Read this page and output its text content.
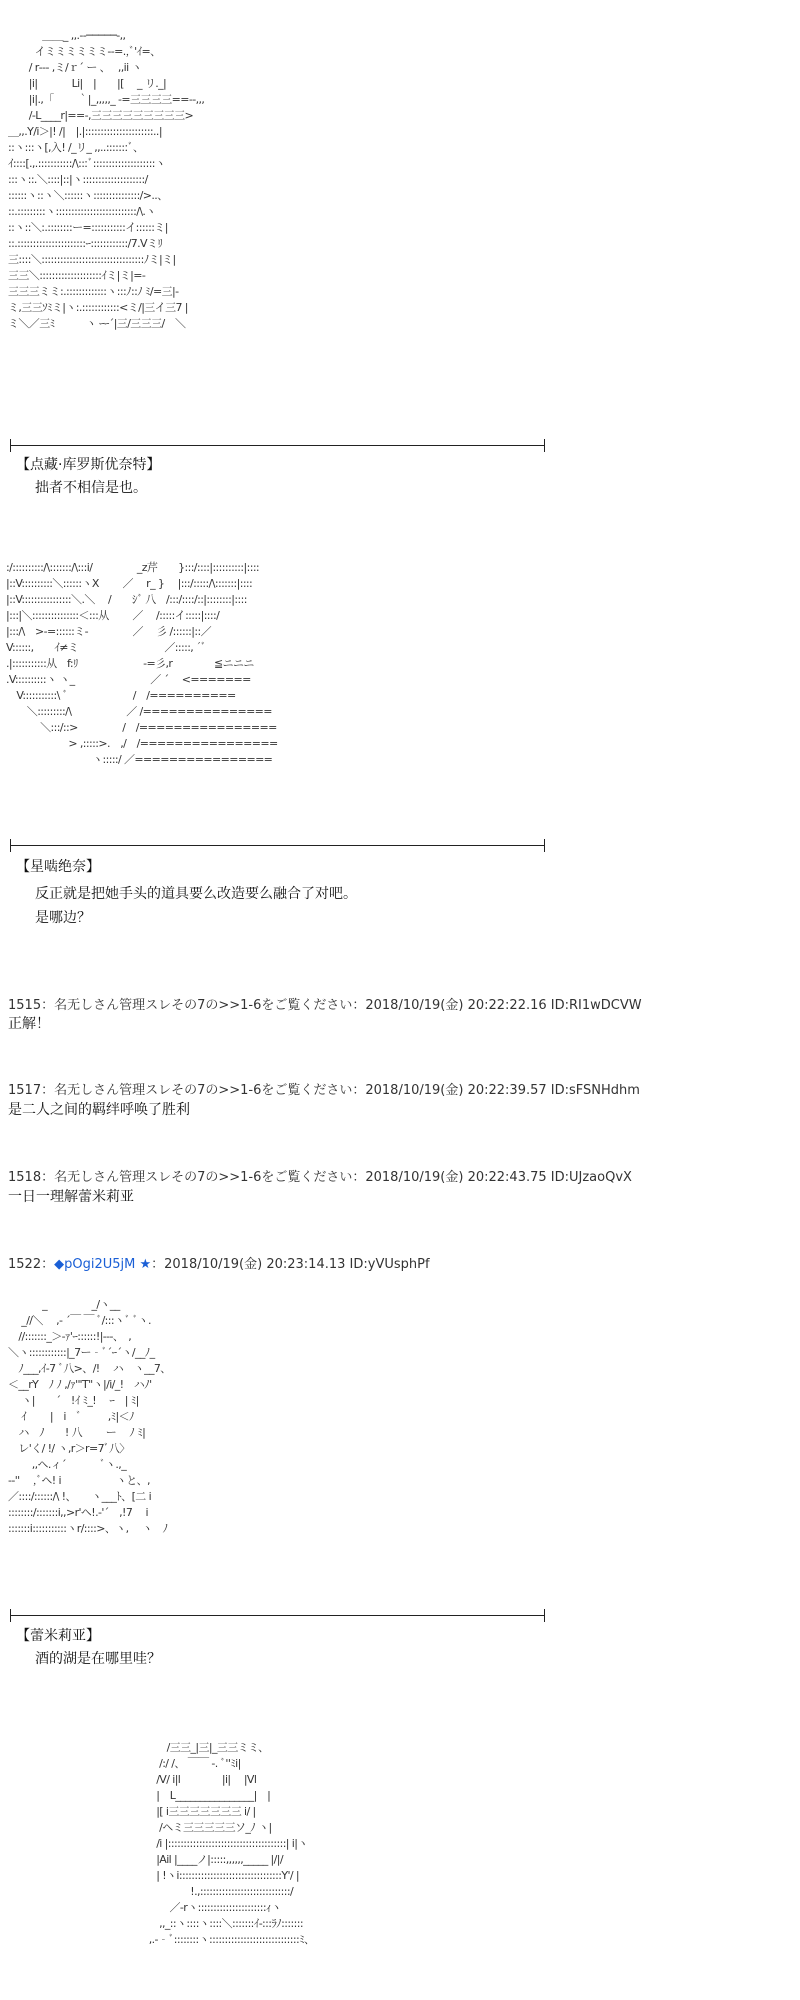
　　　 ＿＿_ ,,.-‐─────-,,
　 　 イミミミミミミ-‐=.,ﾞ'ｲ=、
　　/ r‐‐‐ ,ミ/ｒ´ ー 、　 ,,ii ヽ
　　|i|　　　 Li|　|　　|[　 _ リ._|
　　|i|.,「　　 ｀|_,,,,,_ ‐=三三三三==‐-,,,
　　/‐L____r|==-,三三三三三三三三三>
＿,,.Y/i＞|! /|　|.|::::::::::::::::::::::..|
::ヽ:::ヽ[,入! /_リ_ ,,..:::::::ﾞ、
ｲ::::[.,.:::::::::::/\:::ﾞ::::::::::::::::::::ヽ
:::ヽ::.＼::::|::|ヽ::::::::::::::::::::/
::::::ヽ::ヽ＼::::::ヽ:::::::::::::::/>..、
::.:::::::::ヽ::::::::::::::::::::::::::/\.ヽ
::ヽ::＼:.::::::::ー=:::::::::::イ::::::ミ|
::.::::::::::::::::::::::ｰ::::::::::::/7.Vミﾘ
三::::＼:::::::::::::::::::::::::::::::::ﾉミ|ミ|
三三＼::::::::::::::::::::ｲミ|ミ|=-
三三三ミミ:.:::::::::::::ヽ:::ﾉ::ﾉ ﾐ/=三|-
ミ,三三ｿﾐミ|ヽ:.::::::::::::<ミ/|三イ三7 |
ミ＼／三ﾐ　　　ヽ ｰｰ´|三/三三三/　＼
【点藏·库罗斯优奈特】
拙者不相信是也。
:/::::::::::/\:::::::/\:::i/　　　　 _z芹　　}:::/::::|::::::::::|::::
|::V::::::::::＼::::::ヽX　　 ／　 r_ }　 |:::/:::::/\:::::::|::::
|::V::::::::::::::::＼.＼　 /　　ｼﾞ 八　/:::/::::/::|::::::::|::::
|:::|＼:::::::::::::::＜:::从　　 ／　 /:::::イ:::::|::::/
|:::/\　>‐=::::::ミ‐　　　　 ／　 彡 /::::::|::／
V::::::,　　ｲ≠ミ　　　　　　　　 ／:::::, ´ﾞ
.|:::::::::::从　f:ﾘ　　　　　　 ‐=彡,r　　　　≦ニニニ
.V::::::::::ヽ ヽ_　　　　　　　 ／ ´　 <=======
　V:::::::::::\ ﾞ　　　　　　 /　/==========
　　＼:::::::::/\　　　　　 ／ /===============
　　　 ＼:::/::>　　　　 /　/================
　　　　　　> ,:::::>.　,/　/================
　　　　　　　　 ヽ:::::/ ／================
【星啮绝奈】
反正就是把她手头的道具要么改造要么融合了对吧。
是哪边？
1515：名无しさん管理スレその7の>>1-6をご覧ください：2018/10/19(金) 20:22:22.16 ID:RI1wDCVW
正解！
1517：名无しさん管理スレその7の>>1-6をご覧ください：2018/10/19(金) 20:22:39.57 ID:sFSNHdhm
是二人之间的羁绊呼唤了胜利
1518：名无しさん管理スレその7の>>1-6をご覧ください：2018/10/19(金) 20:22:43.75 ID:UJzaoQvX
一日一理解蕾米莉亚
1522：◆pOgi2U5jM ★：2018/10/19(金) 20:23:14.13 ID:yVUsphPf
　　　 _　　　　 _/ヽ__
　 _//＼　 ,‐ ´￣ ￣ ﾞ/:::ヽﾞ ﾞヽ.
　//:::::::_＞-ｧ'ｰ::::::!|-‐-、　,
＼ヽ::::::::::::|_7ー‐ﾞ´ｰ´ヽ/__ﾉ_
　ﾉ___,ｲ-7 ﾞ八>、/!　 ハ　ヽ__7、
＜__rY　ﾉ ﾉ ,/ｧ'"T"ヽ|/i/_!　ハﾉ'
　 ヽ|　　´　!ｲ ﾐ_!　 ｰ　| ﾐ|
　 ｲ　　 |　i　ﾞ　 　 ,ﾐ|＜ﾉ
　ハ　ﾉ　　! 八　　 ー　 ﾉ ﾐ|
　レ'く/ !/ ヽ,r＞r=7ﾞ八〉
　　 ,,ヘ.ィ´　　　 ﾞヽ.,_
‐‐''　 ,ﾞヘ! i　　　　　 ヽと、,
／::::/::::::/\ !、　　ヽ___ﾄ、[二 i
::::::::/:::::::i,,>r'ヘ!.-'´　,!7　 i
:::::::i:::::::::::ヽr/::::>、ヽ,　 ヽ　ﾉ
【蕾米莉亚】
酒的湖是在哪里哇？
　　　　/三三_|三|_三三ミミ、
　　　 /:/ /、 ￣￣ -. ﾞ''ﾐi|
　　　/V/ i|l　　　　|i|　 |Vl
　　　|　L________________|　|
　　　|[ i三三三三三三三 i/ |
　　　 /ヘミ三三三三三ソ_ﾉ ヽ|
　　　/i |::::::::::::::::::::::::::::::::::::::| i|ヽ
　　　|Ail |____ノ|:::::,,,,,,_____ |/|/
　　　| !ヽi:::::::::::::::::::::::::::::::::Y'/ |
　　　　　　 !.,:::::::::::::::::::::::::::::/
　　　　 ／-rヽ::::::::::::::::::::::ｨヽ
　　　 ,,_::ヽ::::ヽ::::＼:::::::ｲ-:::ﾗﾉ:::::::
　　 ,.-‐ﾞ::::::::ヽ:::::::::::::::::::::::::::::ﾐ、
